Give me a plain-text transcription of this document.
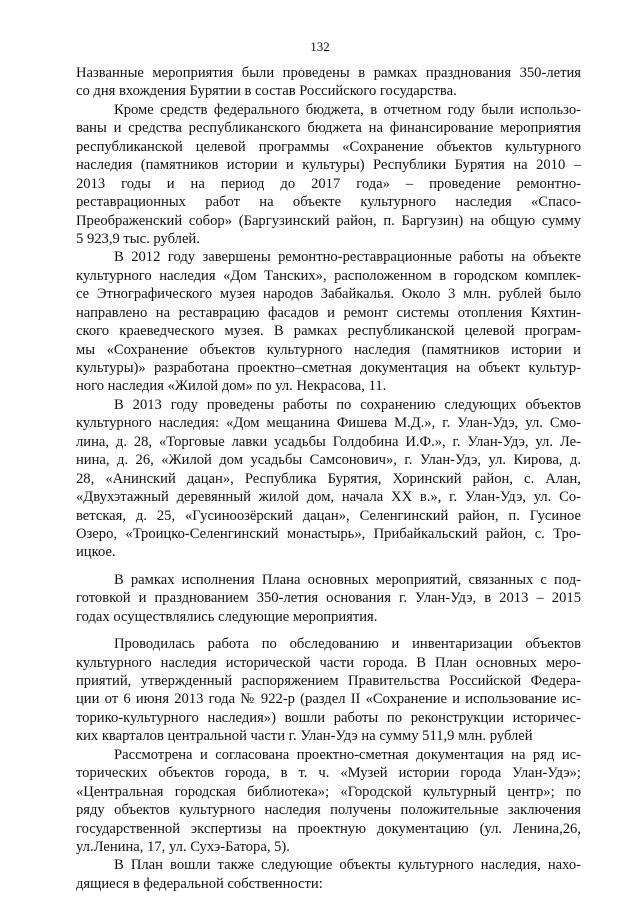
132
Названные мероприятия были проведены в рамках празднования 350-летия
со дня вхождения Бурятии в состав Российского государства.
Кроме средств федерального бюджета, в отчетном году были использо-
ваны и средства республиканского бюджета на финансирование мероприятия
республиканской целевой программы «Сохранение объектов культурного
наследия (памятников истории и культуры) Республики Бурятия на 2010 –
2013 годы и на период до 2017 года» – проведение ремонтно-
реставрационных работ на объекте культурного наследия «Спасо-
Преображенский собор» (Баргузинский район, п. Баргузин) на общую сумму
5 923,9 тыс. рублей.
В 2012 году завершены ремонтно-реставрационные работы на объекте
культурного наследия «Дом Танских», расположенном в городском комплек-
се Этнографического музея народов Забайкалья. Около 3 млн. рублей было
направлено на реставрацию фасадов и ремонт системы отопления Кяхтин-
ского краеведческого музея. В рамках республиканской целевой програм-
мы «Сохранение объектов культурного наследия (памятников истории и
культуры)» разработана проектно–сметная документация на объект культур-
ного наследия «Жилой дом» по ул. Некрасова, 11.
В 2013 году проведены работы по сохранению следующих объектов
культурного наследия: «Дом мещанина Фишева М.Д.», г. Улан-Удэ, ул. Смо-
лина, д. 28, «Торговые лавки усадьбы Голдобина И.Ф.», г. Улан-Удэ, ул. Ле-
нина, д. 26, «Жилой дом усадьбы Самсонович», г. Улан-Удэ, ул. Кирова, д.
28, «Анинский дацан», Республика Бурятия, Хоринский район, с. Алан,
«Двухэтажный деревянный жилой дом, начала XX в.», г. Улан-Удэ, ул. Со-
ветская, д. 25, «Гусиноозёрский дацан», Селенгинский район, п. Гусиное
Озеро, «Троицко-Селенгинский монастырь», Прибайкальский район, с. Тро-
ицкое.
В рамках исполнения Плана основных мероприятий, связанных с под-
готовкой и празднованием 350-летия основания г. Улан-Удэ, в 2013 – 2015
годах осуществлялись следующие мероприятия.
Проводилась работа по обследованию и инвентаризации объектов
культурного наследия исторической части города. В План основных меро-
приятий, утвержденный распоряжением Правительства Российской Федера-
ции от 6 июня 2013 года № 922-р (раздел II «Сохранение и использование ис-
торико-культурного наследия») вошли работы по реконструкции историчес-
ких кварталов центральной части г. Улан-Удэ на сумму 511,9 млн. рублей
Рассмотрена и согласована проектно-сметная документация на ряд ис-
торических объектов города, в т. ч. «Музей истории города Улан-Удэ»;
«Центральная городская библиотека»; «Городской культурный центр»; по
ряду объектов культурного наследия получены положительные заключения
государственной экспертизы на проектную документацию (ул. Ленина,26,
ул.Ленина, 17, ул. Сухэ-Батора, 5).
В План вошли также следующие объекты культурного наследия, нахо-
дящиеся в федеральной собственности:
